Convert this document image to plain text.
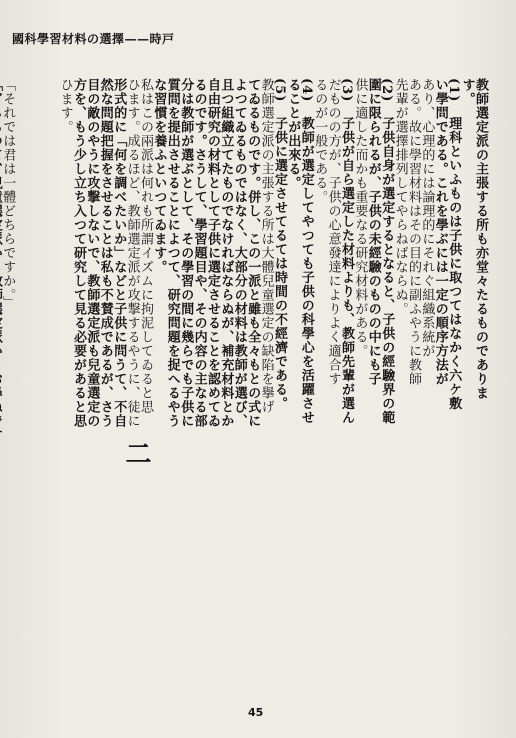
國科學習材料の選擇——時戸
教師選定派の主張する所も亦堂々たるものでありま
す。
(1)　理科といふものは子供に取つてはなかく六ケ敷
い學問である。これを學ぶには一定の順序方法が
あり、心理的には論理的にそれぐ組織系統が
ある。故に學習材料はその目的に副ふやうに教師
先輩が選擇排列してやらねばならぬ。
(2)　子供自身が選定するとなると、子供の經驗界の範
圍に限られるが、子供の未經驗のものの中にも子
供に適した而かも重要なる研究材料がある。
(3)　子供が自ら選定した材料よりも、教師先輩が選ん
だものの方が、子供の心意發達によりよく適合す
るのが一般である。
(4)　教師が選定してやつても子供の科學心を活躍させ
ることが出來る。
(5)　子供に選定させてるては時間の不經濟である。
教師選定派の主張する所は大體兒童選定の缺陷を擧げ
てゐるものです。併し、この一派と雖も全々もとの式に
よつてゐるものではなく、大部分の材料は教師が選び、
且つ組織立てたものでなければならぬが、補充材料とか
自由研究の材料として子供に選定させることを認めてゐ
るのです。さうして、學習題目や、その内容の主なる部
分は教師が選ぶとして、その學習の間に幾らでも子供に
質問を提出させることによつて、研究問題を捉へるやう
な習慣を養ふといつてゐます。
私はこの兩派は何れも所謂イズムに拘泥してゐると思
ひます。成るほど、教師選定派が攻撃するやうに、徒に
形式的に「何を調べたいか」などと子供に問うて、不自
然な問題把握をさせることは私も不賛成であるが、さう
目の敵のやうに攻撃しないで、教師選定派も兒童選定の
方を、もう少し立ち入つて研究して見る必要があると思
ひます。
「それでは君は一體どちらですか。」
二
45
